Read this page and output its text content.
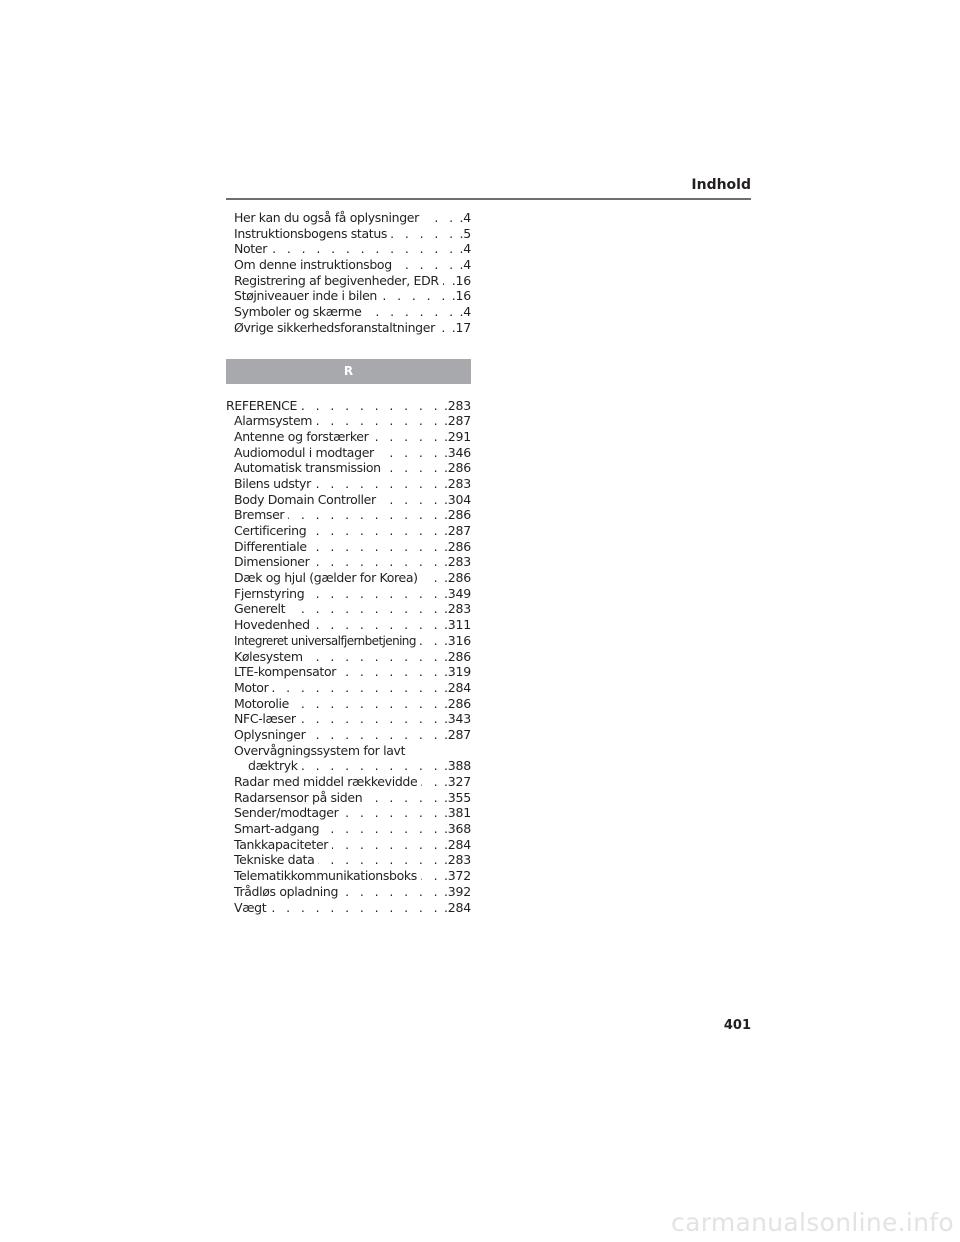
Indhold
Her kan du også få oplysninger . . .	.4
Instruktionsbogens status . . .	.5
Noter . . .	.4
Om denne instruktionsbog . . .	.4
Registrering af begivenheder, EDR . . . .16
Støjniveauer inde i bilen . . .	.16
Symboler og skærme . . .	.4
Øvrige sikkerhedsforanstaltninger . . . .17
R
REFERENCE . . .	.283
Alarmsystem . . .	.287
Antenne og forstærker . . .	.291
Audiomodul i modtager . . .	.346
Automatisk transmission . . .	.286
Bilens udstyr . . .	.283
Body Domain Controller . . .	.304
Bremser . . .	.286
Certificering . . .	.287
Differentiale . . .	.286
Dimensioner . . .	.283
Dæk og hjul (gælder for Korea) . . . .286
Fjernstyring . . .	.349
Generelt . . .	.283
Hovedenhed . . .	.311
Integreret universalfjernbetjening . . . .316
Kølesystem . . .	.286
LTE-kompensator . . .	.319
Motor . . .	.284
Motorolie . . .	.286
NFC-læser . . .	.343
Oplysninger . . .	.287
Overvågningssystem for lavt
dæktryk . . .	.388
Radar med middel rækkevidde . . . .327
Radarsensor på siden . . .	.355
Sender/modtager . . .	.381
Smart-adgang . . .	.368
Tankkapaciteter . . .	.284
Tekniske data . . .	.283
Telematikkommunikationsboks . . . .372
Trådløs opladning . . .	.392
Vægt . . .	.284
401
carmanualsonline.info
